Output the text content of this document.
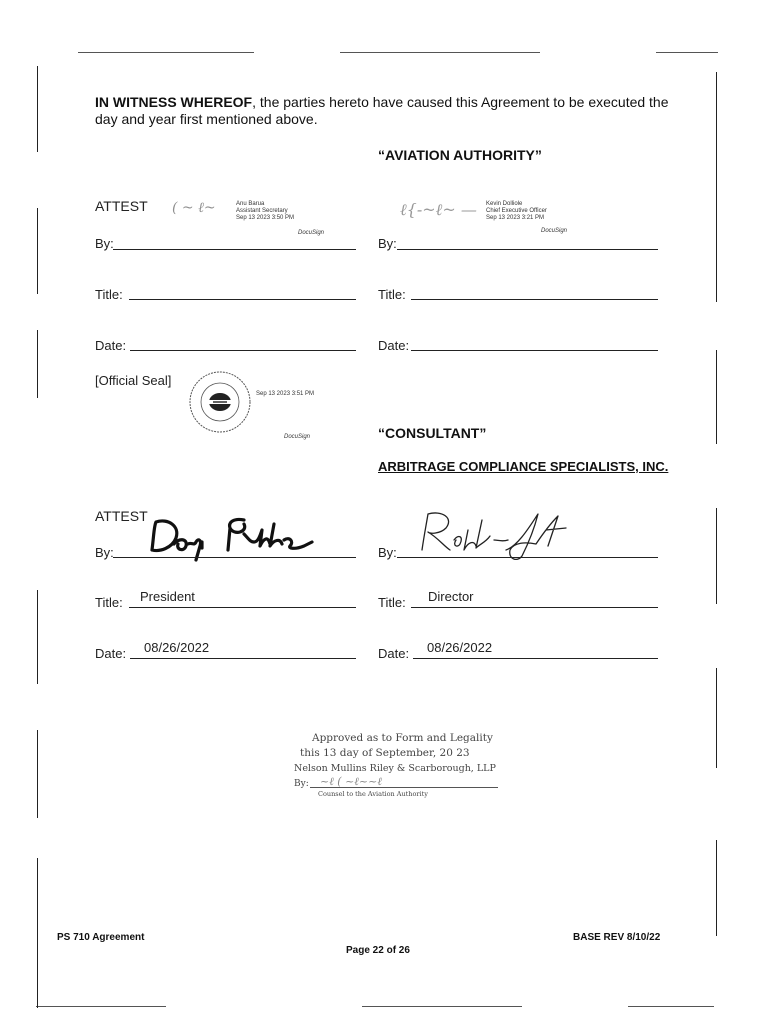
IN WITNESS WHEREOF, the parties hereto have caused this Agreement to be executed the
day and year first mentioned above.
“AVIATION AUTHORITY”
ATTEST ( ~ ℓ~	Anu Barua
Assistant Secretary
Sep 13 2023 3:50 PM
DocuSign
By:
Title:
Date:
[Official Seal]
Sep 13 2023 3:51 PM
DocuSign
ℓ{-~ℓ~ — Kevin Dolliole
Chief Executive Officer
Sep 13 2023 3:21 PM
DocuSign
By:
Title:
Date:
“CONSULTANT”
ARBITRAGE COMPLIANCE SPECIALISTS, INC.
ATTEST
By:
Title: President
Date: 08/26/2022
By:
Title: Director
Date: 08/26/2022
Approved as to Form and Legality
this 13 day of September, 20 23
Nelson Mullins Riley & Scarborough, LLP
By: ~ℓ ( ~ℓ~~ℓ
Counsel to the Aviation Authority
PS 710 Agreement
Page 22 of 26
BASE REV 8/10/22
